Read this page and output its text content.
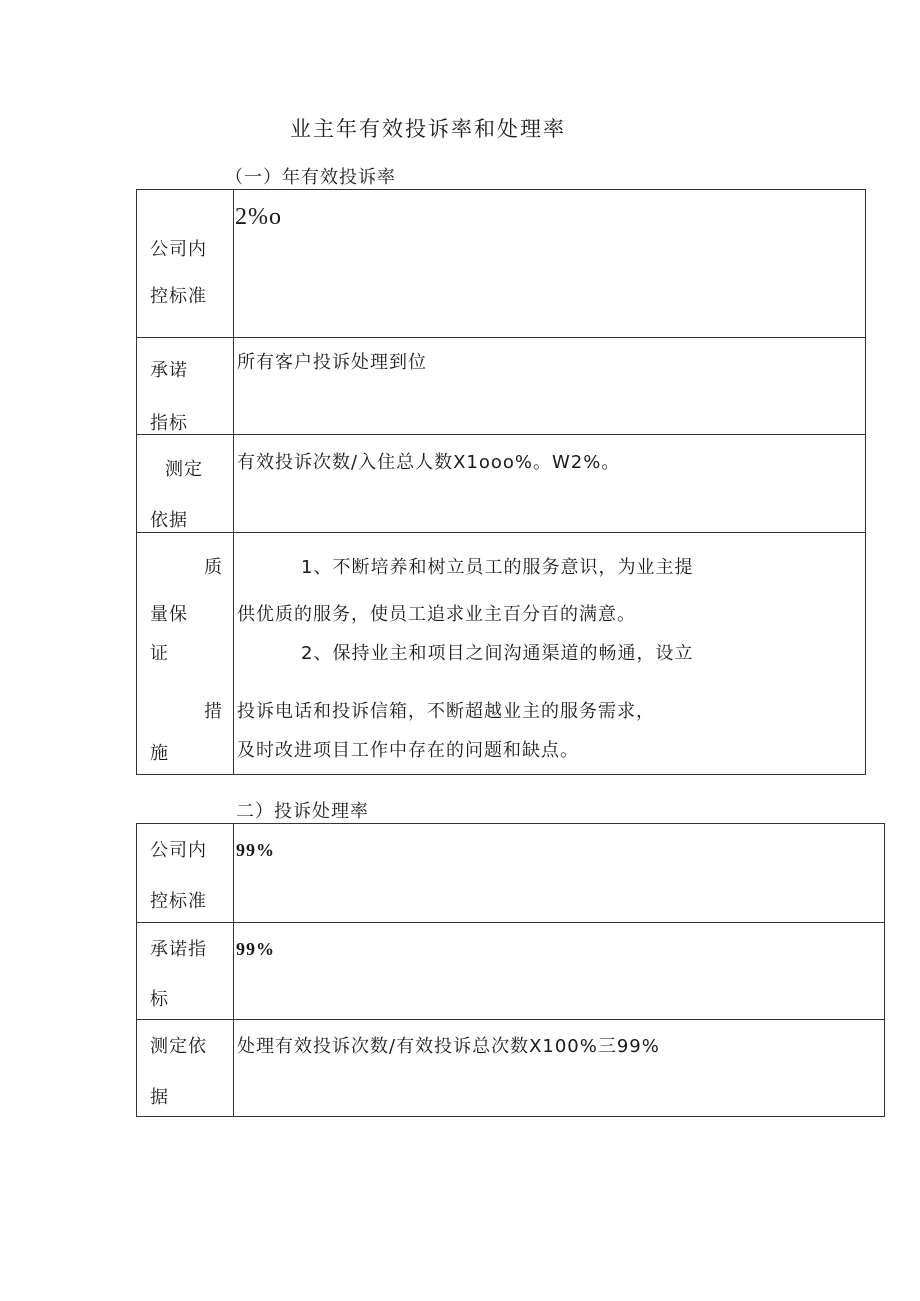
业主年有效投诉率和处理率
（一）年有效投诉率
公司内
控标准
2%o
承诺
指标
所有客户投诉处理到位
测定
依据
有效投诉次数/入住总人数X1ooo%。W2%。
质
量保
证
措
施
1、不断培养和树立员工的服务意识，为业主提
供优质的服务，使员工追求业主百分百的满意。
2、保持业主和项目之间沟通渠道的畅通，设立
投诉电话和投诉信箱，不断超越业主的服务需求，
及时改进项目工作中存在的问题和缺点。
二）投诉处理率
公司内
控标准
99%
承诺指
标
99%
测定依
据
处理有效投诉次数/有效投诉总次数X100%三99%
